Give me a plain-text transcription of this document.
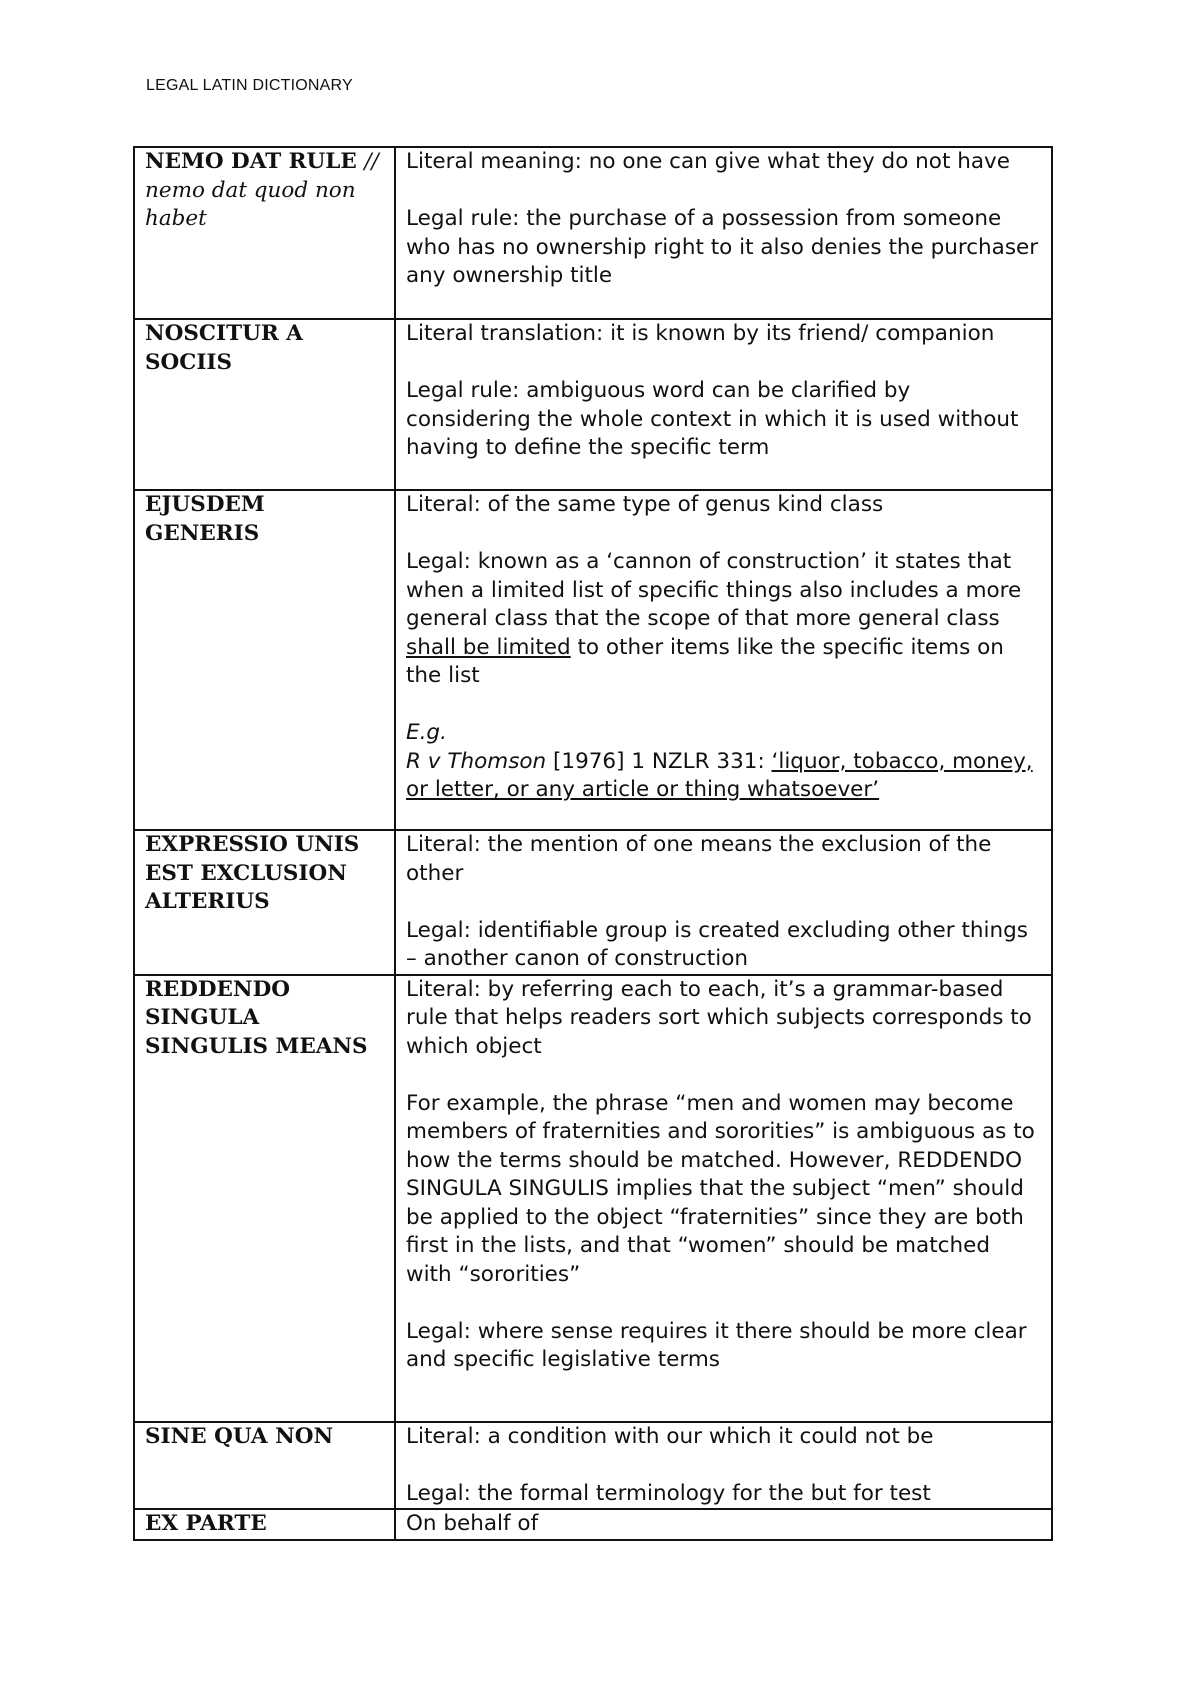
LEGAL LATIN DICTIONARY
NEMO DAT RULE // nemo dat quod non habet	Literal meaning: no one can give what they do not have

Legal rule: the purchase of a possession from someone who has no ownership right to it also denies the purchaser any ownership title

NOSCITUR A SOCIIS	Literal translation: it is known by its friend/ companion

Legal rule: ambiguous word can be clarified by considering the whole context in which it is used without having to define the specific term

EJUSDEM GENERIS	Literal: of the same type of genus kind class

Legal: known as a ‘cannon of construction’ it states that when a limited list of specific things also includes a more general class that the scope of that more general class shall be limited to other items like the specific items on the list

E.g.

R v Thomson [1976] 1 NZLR 331: ‘liquor, tobacco, money, or letter, or any article or thing whatsoever’

EXPRESSIO UNIS EST EXCLUSION ALTERIUS	Literal: the mention of one means the exclusion of the other

Legal: identifiable group is created excluding other things – another canon of construction

REDDENDO SINGULA SINGULIS MEANS	Literal: by referring each to each, it’s a grammar-based rule that helps readers sort which subjects corresponds to which object

For example, the phrase “men and women may become members of fraternities and sororities” is ambiguous as to how the terms should be matched. However, REDDENDO SINGULA SINGULIS implies that the subject “men” should be applied to the object “fraternities” since they are both first in the lists, and that “women” should be matched with “sororities”

Legal: where sense requires it there should be more clear and specific legislative terms

SINE QUA NON	Literal: a condition with our which it could not be

Legal: the formal terminology for the but for test

EX PARTE	On behalf of
